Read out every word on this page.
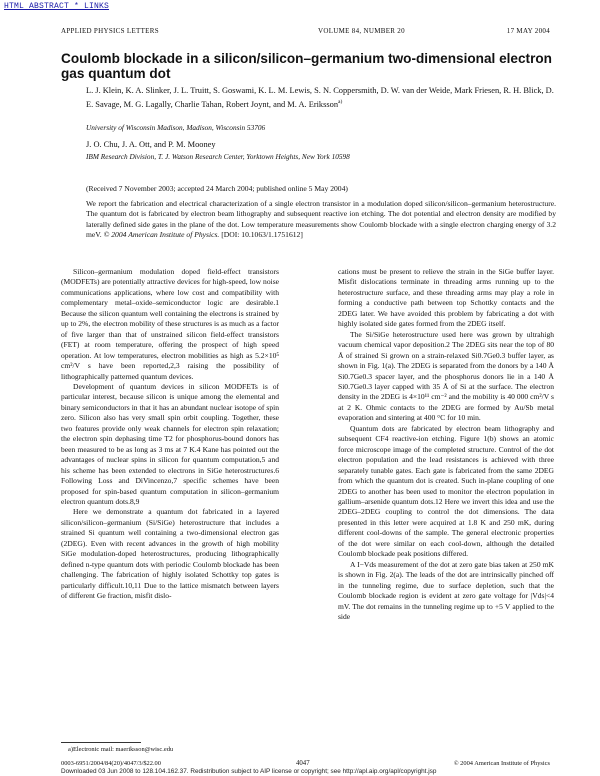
HTML ABSTRACT * LINKS
APPLIED PHYSICS LETTERS	VOLUME 84, NUMBER 20	17 MAY 2004
Coulomb blockade in a silicon/silicon–germanium two-dimensional electron gas quantum dot
L. J. Klein, K. A. Slinker, J. L. Truitt, S. Goswami, K. L. M. Lewis, S. N. Coppersmith, D. W. van der Weide, Mark Friesen, R. H. Blick, D. E. Savage, M. G. Lagally, Charlie Tahan, Robert Joynt, and M. A. Eriksson$^{a)}$
University of Wisconsin Madison, Madison, Wisconsin 53706
J. O. Chu, J. A. Ott, and P. M. Mooney
IBM Research Division, T. J. Watson Research Center, Yorktown Heights, New York 10598
(Received 7 November 2003; accepted 24 March 2004; published online 5 May 2004)
We report the fabrication and electrical characterization of a single electron transistor in a modulation doped silicon/silicon–germanium heterostructure. The quantum dot is fabricated by electron beam lithography and subsequent reactive ion etching. The dot potential and electron density are modified by laterally defined side gates in the plane of the dot. Low temperature measurements show Coulomb blockade with a single electron charging energy of 3.2 meV. © 2004 American Institute of Physics. [DOI: 10.1063/1.1751612]

Silicon–germanium modulation doped field-effect transistors (MODFETs) are potentially attractive devices for high-speed, low noise communications applications, where low cost and compatibility with complementary metal–oxide–semiconductor logic are desirable.1 Because the silicon quantum well containing the electrons is strained by up to 2%, the electron mobility of these structures is as much as a factor of five larger than that of unstrained silicon field-effect transistors (FET) at room temperature, offering the prospect of high speed operation. At low temperatures, electron mobilities as high as 5.2×10⁵ cm²/V s have been reported,2,3 raising the possibility of lithographically patterned quantum devices.

Development of quantum devices in silicon MODFETs is of particular interest, because silicon is unique among the elemental and binary semiconductors in that it has an abundant nuclear isotope of spin zero. Silicon also has very small spin orbit coupling. Together, these two features provide only weak channels for electron spin relaxation; the electron spin dephasing time T2 for phosphorus-bound donors has been measured to be as long as 3 ms at 7 K.4 Kane has pointed out the advantages of nuclear spins in silicon for quantum computation,5 and his scheme has been extended to electrons in SiGe heterostructures.6 Following Loss and DiVincenzo,7 specific schemes have been proposed for spin-based quantum computation in silicon–germanium electron quantum dots.8,9

Here we demonstrate a quantum dot fabricated in a layered silicon/silicon–germanium (Si/SiGe) heterostructure that includes a strained Si quantum well containing a two-dimensional electron gas (2DEG). Even with recent advances in the growth of high mobility SiGe modulation-doped heterostructures, producing lithographically defined n-type quantum dots with periodic Coulomb blockade has been challenging. The fabrication of highly isolated Schottky top gates is particularly difficult.10,11 Due to the lattice mismatch between layers of different Ge fraction, misfit dislo-

cations must be present to relieve the strain in the SiGe buffer layer. Misfit dislocations terminate in threading arms running up to the heterostructure surface, and these threading arms may play a role in forming a conductive path between top Schottky contacts and the 2DEG later. We have avoided this problem by fabricating a dot with highly isolated side gates formed from the 2DEG itself.

The Si/SiGe heterostructure used here was grown by ultrahigh vacuum chemical vapor deposition.2 The 2DEG sits near the top of 80 Å of strained Si grown on a strain-relaxed Si0.7Ge0.3 buffer layer, as shown in Fig. 1(a). The 2DEG is separated from the donors by a 140 Å Si0.7Ge0.3 spacer layer, and the phosphorus donors lie in a 140 Å Si0.7Ge0.3 layer capped with 35 Å of Si at the surface. The electron density in the 2DEG is 4×10¹¹ cm⁻² and the mobility is 40 000 cm²/V s at 2 K. Ohmic contacts to the 2DEG are formed by Au/Sb metal evaporation and sintering at 400 °C for 10 min.

Quantum dots are fabricated by electron beam lithography and subsequent CF4 reactive-ion etching. Figure 1(b) shows an atomic force microscope image of the completed structure. Control of the dot electron population and the lead resistances is achieved with three separately tunable gates. Each gate is fabricated from the same 2DEG from which the quantum dot is created. Such in-plane coupling of one 2DEG to another has been used to monitor the electron population in gallium–arsenide quantum dots.12 Here we invert this idea and use the 2DEG–2DEG coupling to control the dot dimensions. The data presented in this letter were acquired at 1.8 K and 250 mK, during different cool-downs of the sample. The general electronic properties of the dot were similar on each cool-down, although the detailed Coulomb blockade peak positions differed.

A I−Vds measurement of the dot at zero gate bias taken at 250 mK is shown in Fig. 2(a). The leads of the dot are intrinsically pinched off in the tunneling regime, due to surface depletion, such that the Coulomb blockade region is evident at zero gate voltage for |Vds|<4 mV. The dot remains in the tunneling regime up to +5 V applied to the side

a)Electronic mail: maeriksson@wisc.edu
0003-6951/2004/84(20)/4047/3/$22.00	4047	© 2004 American Institute of Physics
Downloaded 03 Jun 2008 to 128.104.162.37. Redistribution subject to AIP license or copyright; see http://apl.aip.org/apl/copyright.jsp
